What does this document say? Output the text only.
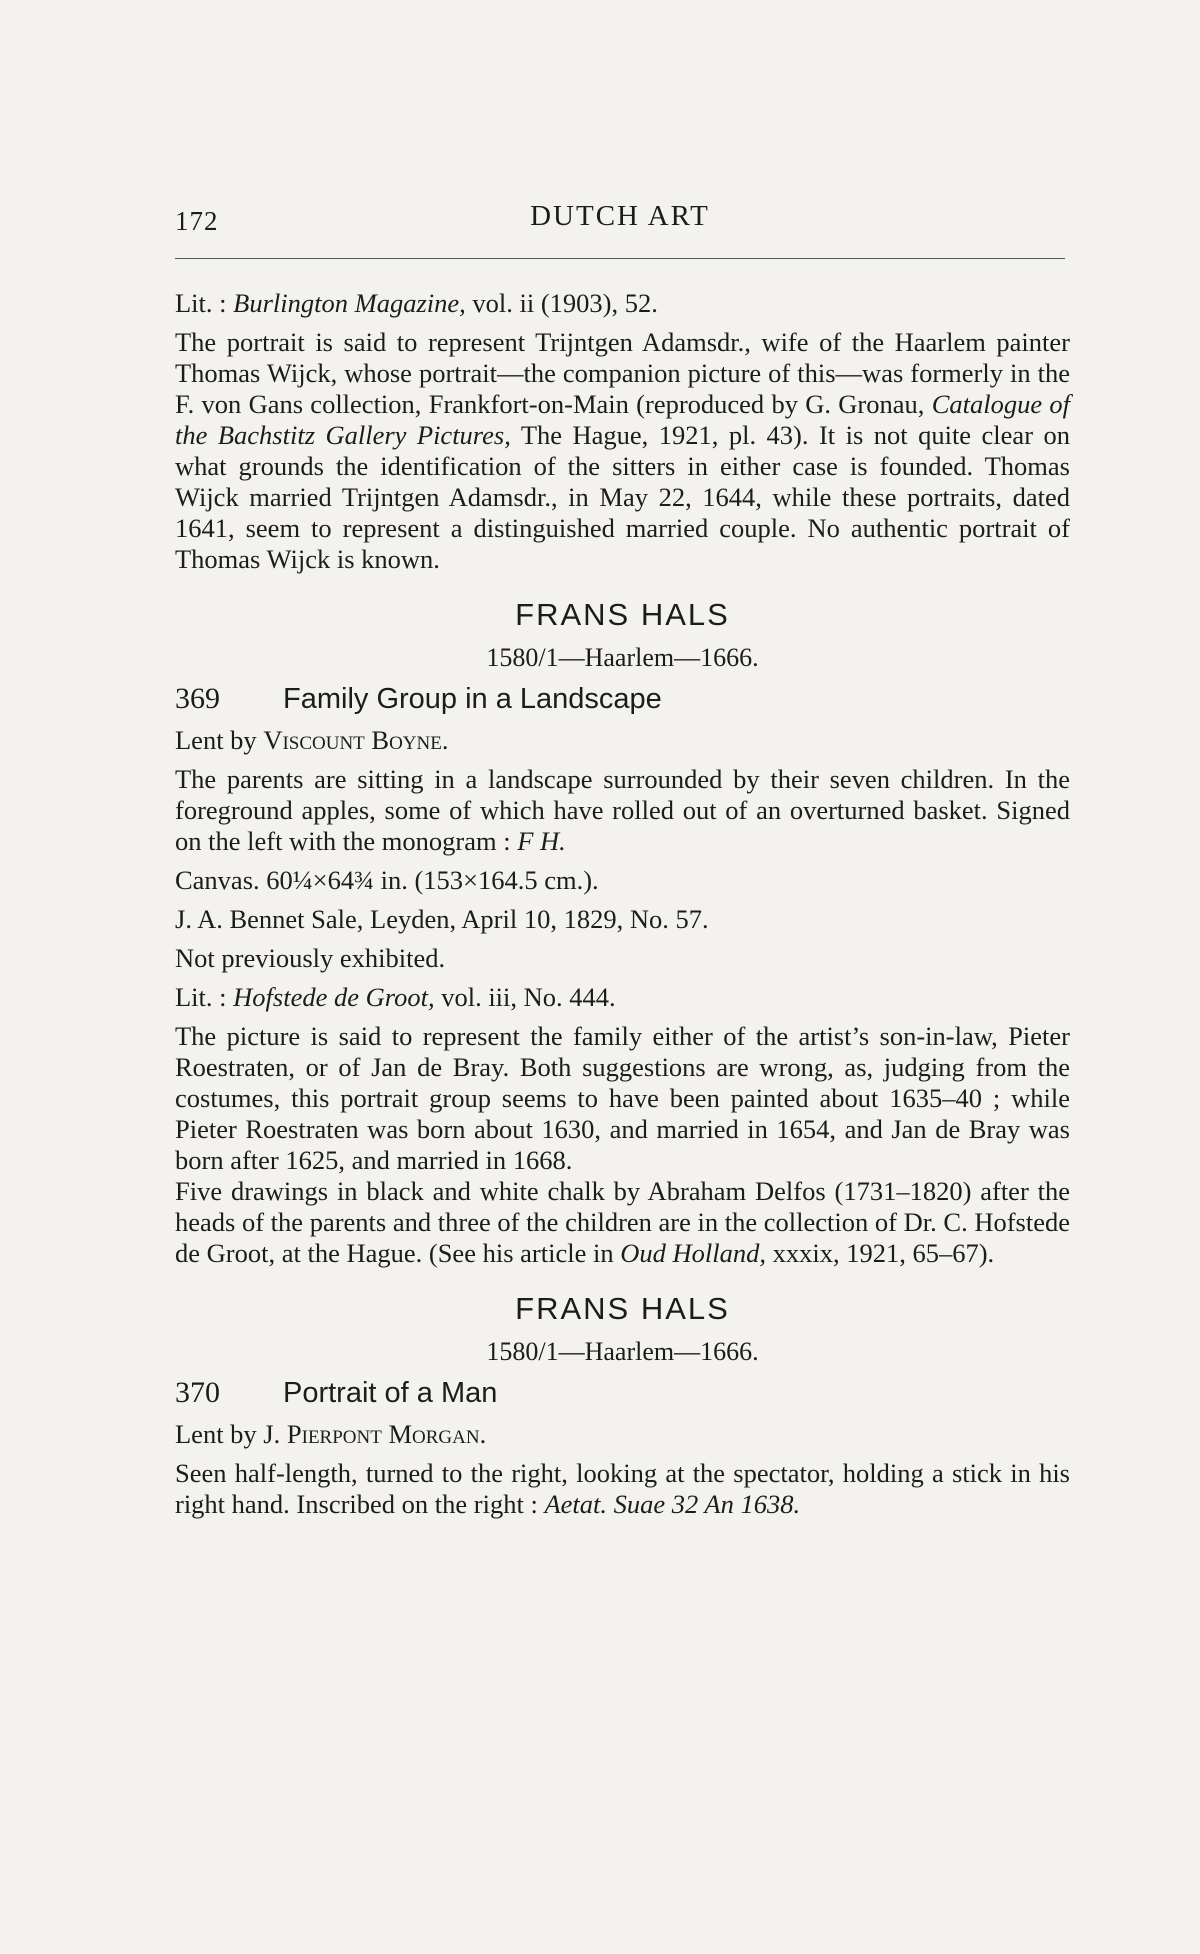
172	DUTCH ART

Lit. : Burlington Magazine, vol. ii (1903), 52.

The portrait is said to represent Trijntgen Adamsdr., wife of the Haarlem painter Thomas Wijck, whose portrait—the companion picture of this—was formerly in the F. von Gans collection, Frankfort-on-Main (reproduced by G. Gronau, Catalogue of the Bachstitz Gallery Pictures, The Hague, 1921, pl. 43). It is not quite clear on what grounds the identification of the sitters in either case is founded. Thomas Wijck married Trijntgen Adamsdr., in May 22, 1644, while these portraits, dated 1641, seem to represent a distinguished married couple. No authentic portrait of Thomas Wijck is known.

FRANS HALS
1580/1—Haarlem—1666.
369 Family Group in a Landscape

Lent by Viscount Boyne.

The parents are sitting in a landscape surrounded by their seven children. In the foreground apples, some of which have rolled out of an overturned basket. Signed on the left with the monogram : F H.

Canvas. 60¼×64¾ in. (153×164.5 cm.).

J. A. Bennet Sale, Leyden, April 10, 1829, No. 57.

Not previously exhibited.

Lit. : Hofstede de Groot, vol. iii, No. 444.

The picture is said to represent the family either of the artist’s son-in-law, Pieter Roestraten, or of Jan de Bray. Both suggestions are wrong, as, judging from the costumes, this portrait group seems to have been painted about 1635–40 ; while Pieter Roestraten was born about 1630, and married in 1654, and Jan de Bray was born after 1625, and married in 1668.

Five drawings in black and white chalk by Abraham Delfos (1731–1820) after the heads of the parents and three of the children are in the collection of Dr. C. Hofstede de Groot, at the Hague. (See his article in Oud Holland, xxxix, 1921, 65–67).

FRANS HALS
1580/1—Haarlem—1666.
370 Portrait of a Man

Lent by J. Pierpont Morgan.

Seen half-length, turned to the right, looking at the spectator, holding a stick in his right hand. Inscribed on the right : Aetat. Suae 32 An 1638.
